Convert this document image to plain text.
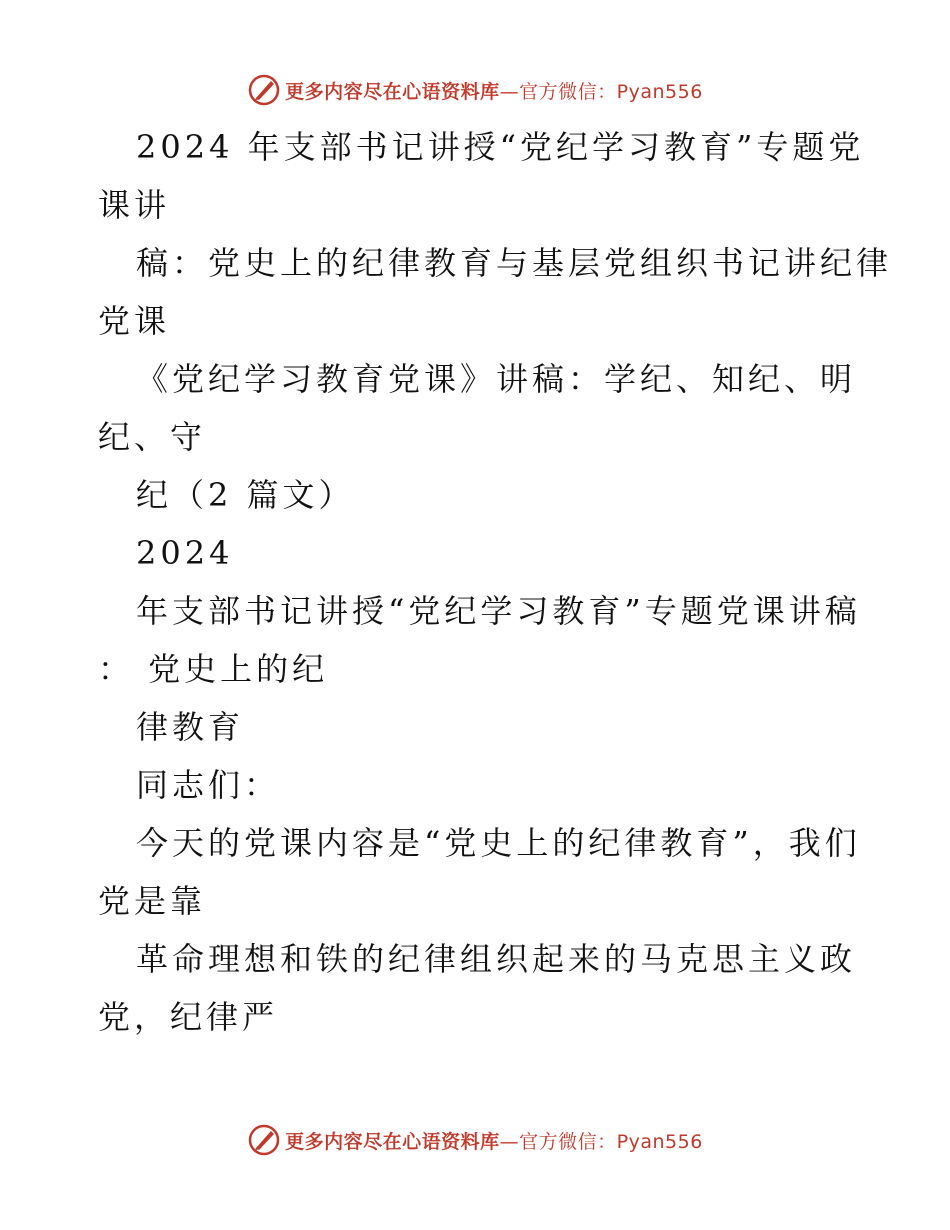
更多内容尽在心语资料库 —官方微信：Pyan556
2024 年支部书记讲授“党纪学习教育”专题党
课讲
稿：党史上的纪律教育与基层党组织书记讲纪律
党课
《党纪学习教育党课》讲稿：学纪、知纪、明
纪、守
纪（2 篇文）
2024
年支部书记讲授“党纪学习教育”专题党课讲稿
： 党史上的纪
律教育
同志们：
今天的党课内容是“党史上的纪律教育”，我们
党是靠
革命理想和铁的纪律组织起来的马克思主义政
党，纪律严
更多内容尽在心语资料库 —官方微信：Pyan556
